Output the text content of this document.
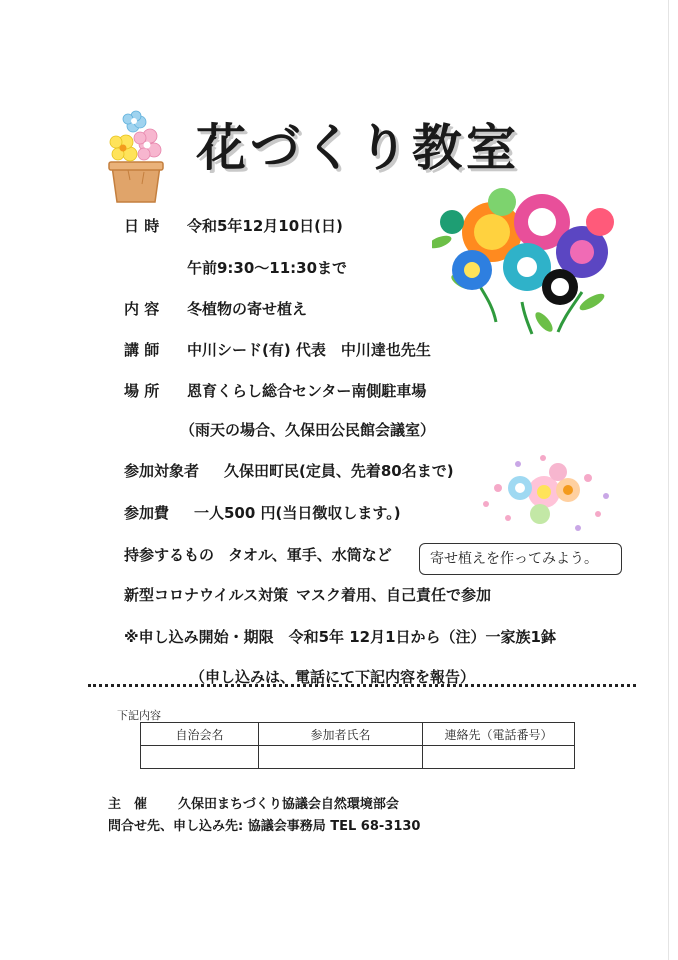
花づくり教室
日 時 令和5年12月10日(日)
午前9:30～11:30まで
内 容 冬植物の寄せ植え
講 師 中川シード(有) 代表　中川達也先生
場 所 恩育くらし総合センター南側駐車場
（雨天の場合、久保田公民館会議室）
参加対象者 久保田町民(定員、先着80名まで)
参加費 一人500 円(当日徴収します。)
持参するもの タオル、軍手、水筒など	寄せ植えを作ってみよう。
新型コロナウイルス対策 マスク着用、自己責任で参加
※申し込み開始・期限　令和5年 12月1日から（注）一家族1鉢
（申し込みは、電話にて下記内容を報告）
下記内容
自治会名	参加者氏名	連絡先（電話番号）

主　催 久保田まちづくり協議会自然環境部会
問合せ先、申し込み先: 協議会事務局 TEL 68-3130
